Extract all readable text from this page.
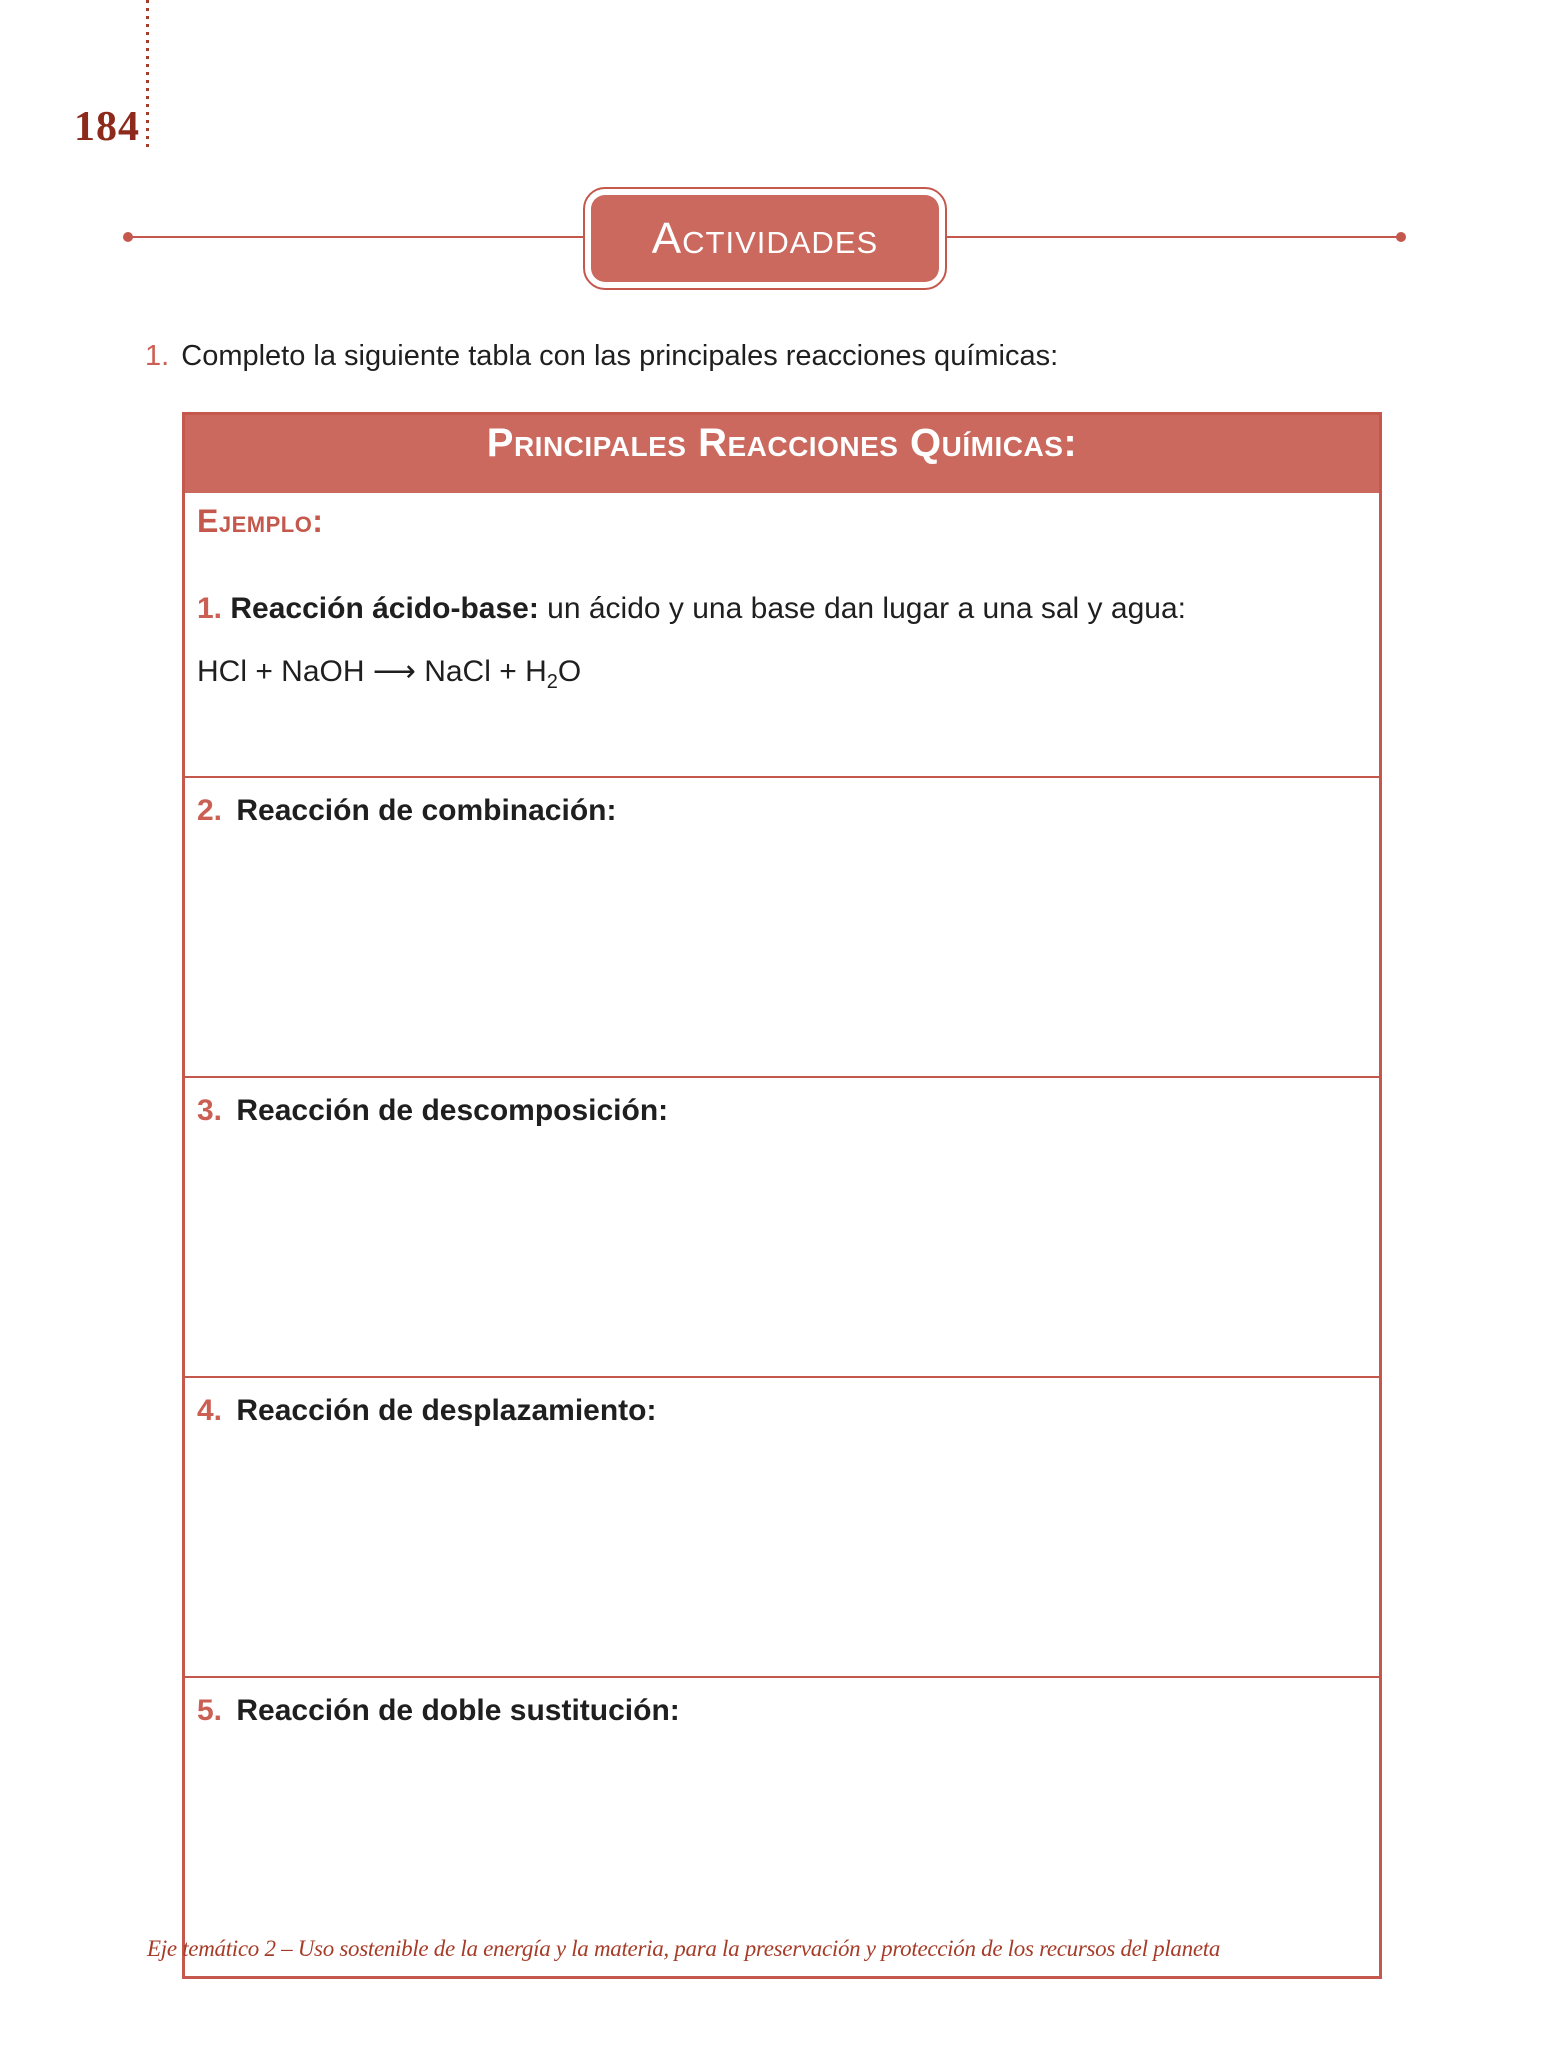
184
Actividades
1. Completo la siguiente tabla con las principales reacciones químicas:
Principales Reacciones Químicas:
Ejemplo:
1. Reacción ácido-base: un ácido y una base dan lugar a una sal y agua:
HCl + NaOH ⟶ NaCl + $H_2O$
2. Reacción de combinación:
3. Reacción de descomposición:
4. Reacción de desplazamiento:
5. Reacción de doble sustitución:
Eje temático 2 – Uso sostenible de la energía y la materia, para la preservación y protección de los recursos del planeta
